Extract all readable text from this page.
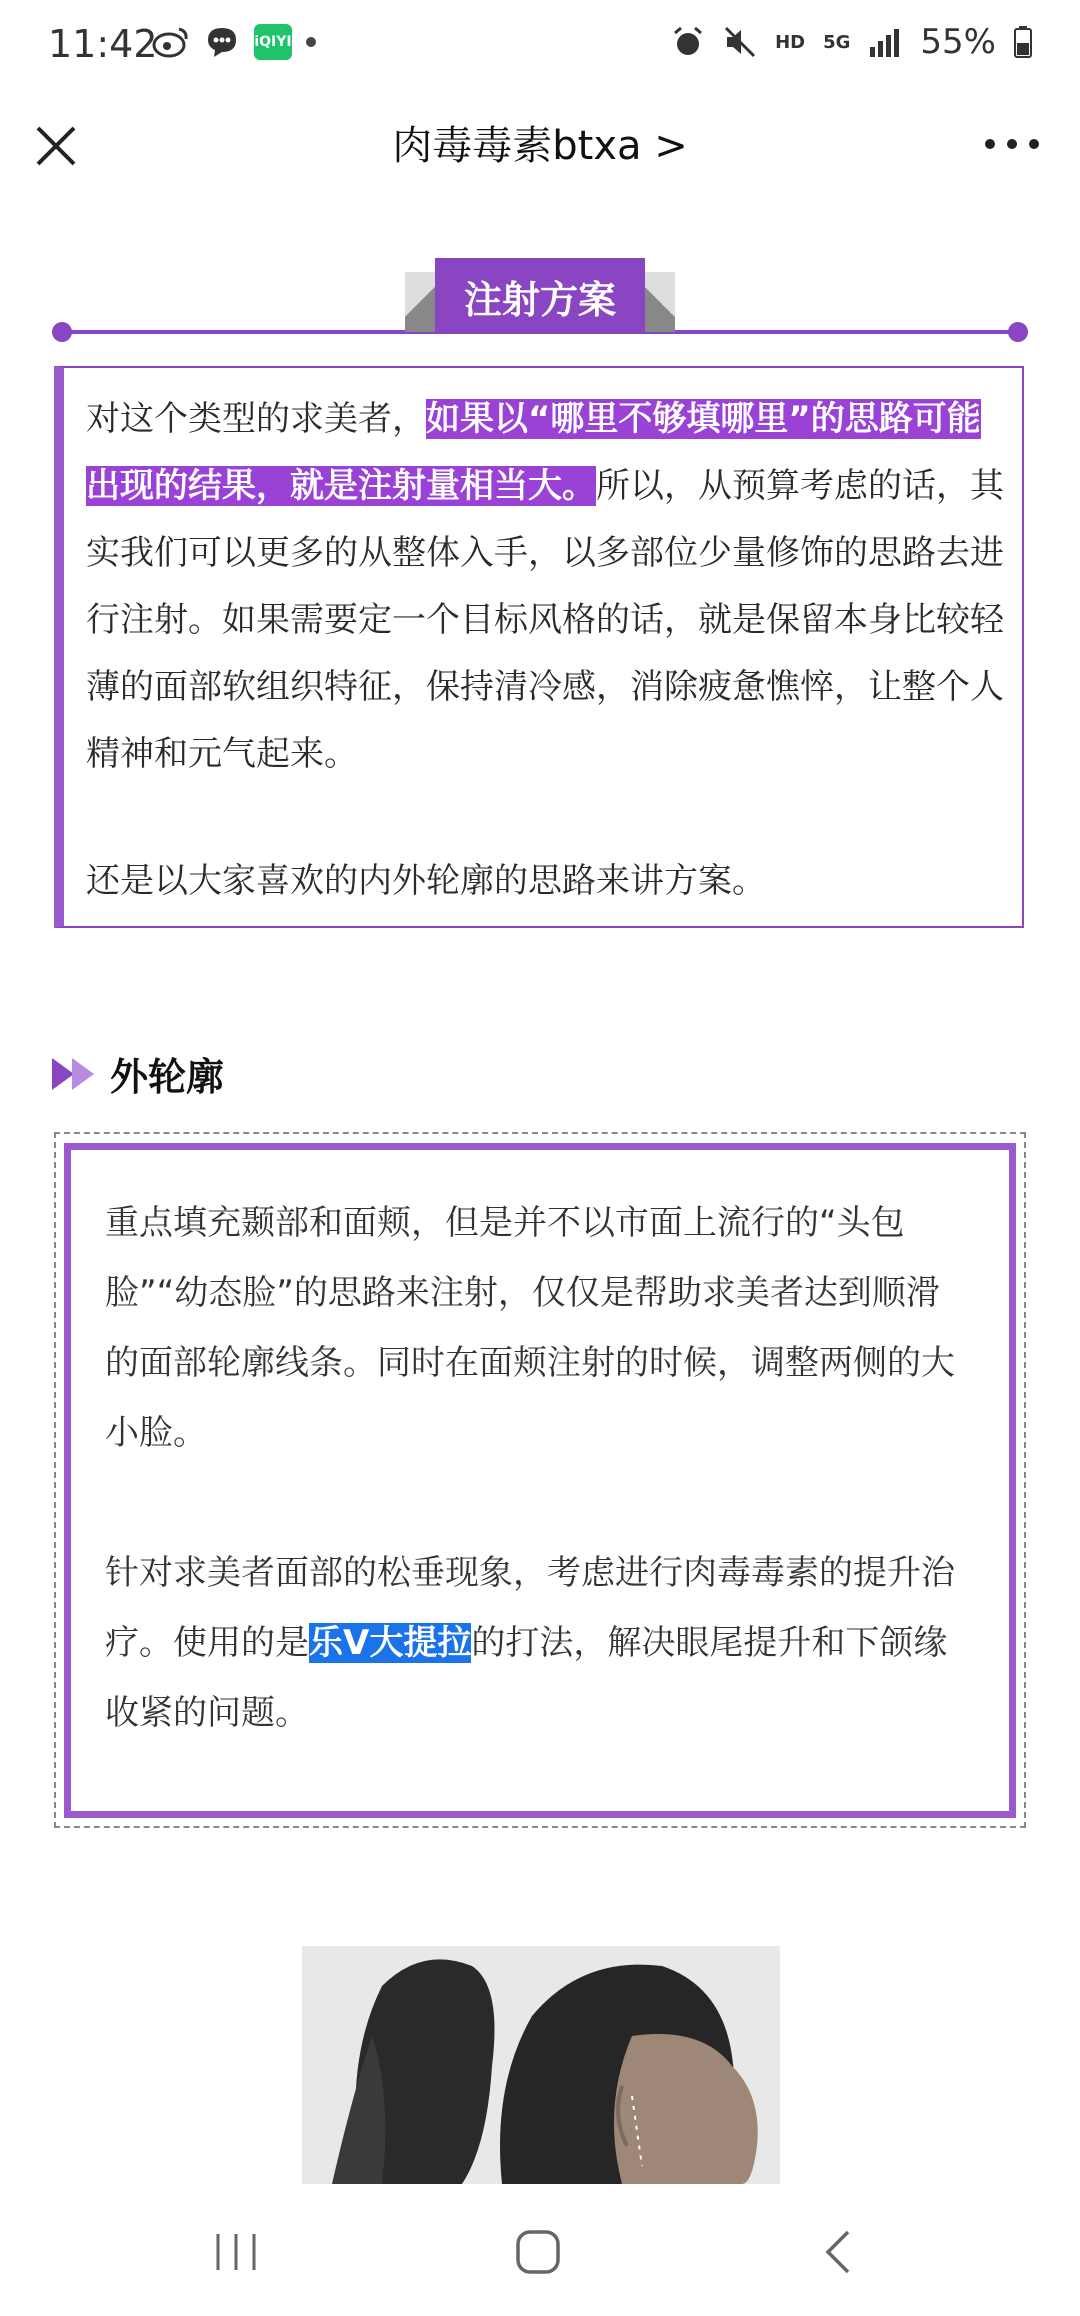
11:42	iQIYI	HD 5G 55%
肉毒毒素btxa >
注射方案
对这个类型的求美者，如果以“哪里不够填哪里”的思路可能出现的结果，就是注射量相当大。所以，从预算考虑的话，其实我们可以更多的从整体入手，以多部位少量修饰的思路去进行注射。如果需要定一个目标风格的话，就是保留本身比较轻薄的面部软组织特征，保持清冷感，消除疲惫憔悴，让整个人精神和元气起来。
还是以大家喜欢的内外轮廓的思路来讲方案。
外轮廓
重点填充颞部和面颊，但是并不以市面上流行的“头包脸”“幼态脸”的思路来注射，仅仅是帮助求美者达到顺滑的面部轮廓线条。同时在面颊注射的时候，调整两侧的大小脸。
针对求美者面部的松垂现象，考虑进行肉毒毒素的提升治疗。使用的是乐V大提拉的打法，解决眼尾提升和下颌缘收紧的问题。
